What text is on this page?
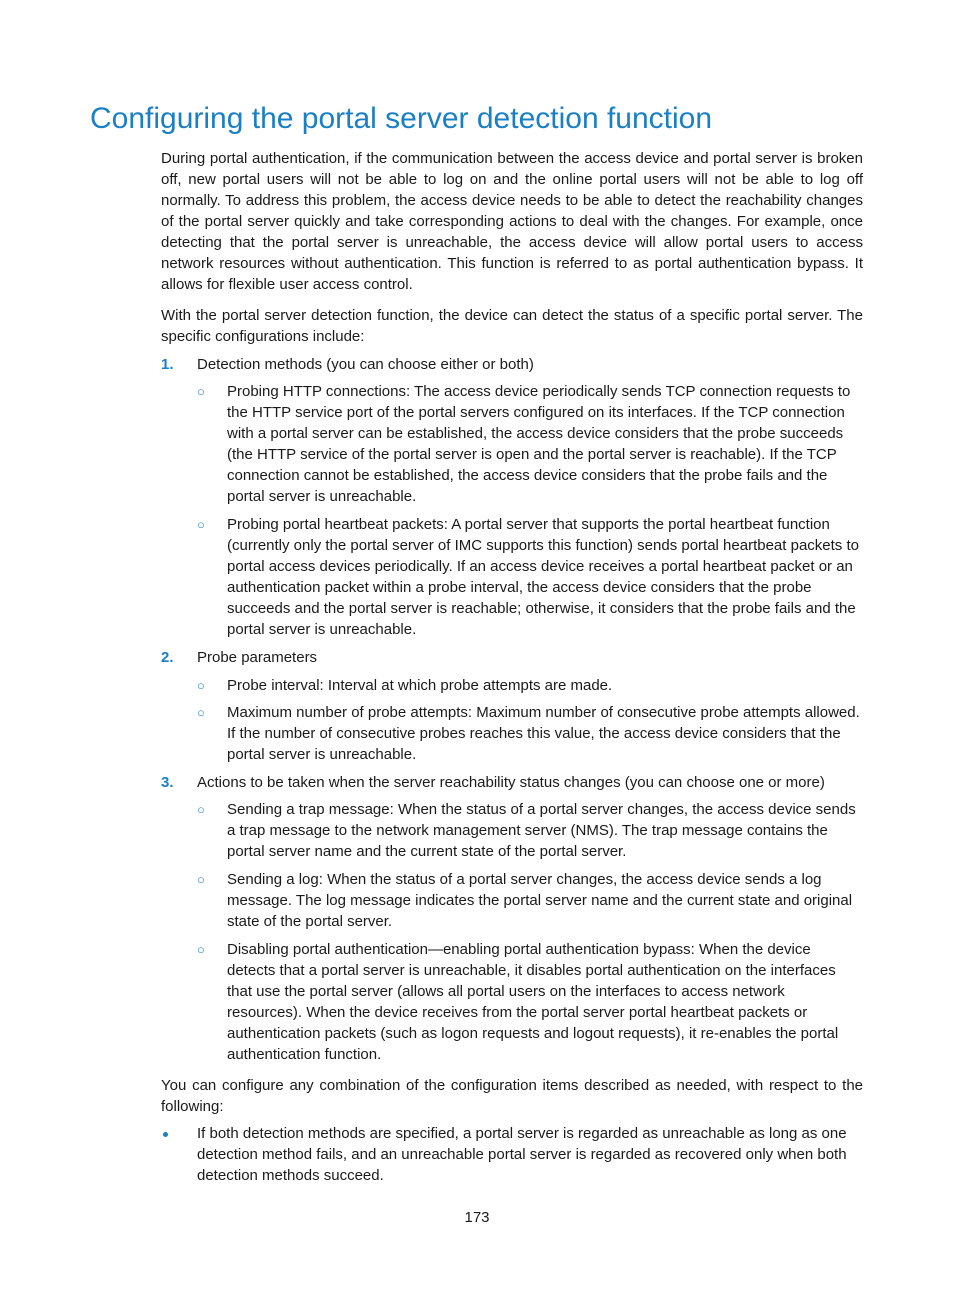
Configuring the portal server detection function

During portal authentication, if the communication between the access device and portal server is broken off, new portal users will not be able to log on and the online portal users will not be able to log off normally. To address this problem, the access device needs to be able to detect the reachability changes of the portal server quickly and take corresponding actions to deal with the changes. For example, once detecting that the portal server is unreachable, the access device will allow portal users to access network resources without authentication. This function is referred to as portal authentication bypass. It allows for flexible user access control.

With the portal server detection function, the device can detect the status of a specific portal server. The specific configurations include:

1. Detection methods (you can choose either or both)
○ Probing HTTP connections: The access device periodically sends TCP connection requests to the HTTP service port of the portal servers configured on its interfaces. If the TCP connection with a portal server can be established, the access device considers that the probe succeeds (the HTTP service of the portal server is open and the portal server is reachable). If the TCP connection cannot be established, the access device considers that the probe fails and the portal server is unreachable.
○ Probing portal heartbeat packets: A portal server that supports the portal heartbeat function (currently only the portal server of IMC supports this function) sends portal heartbeat packets to portal access devices periodically. If an access device receives a portal heartbeat packet or an authentication packet within a probe interval, the access device considers that the probe succeeds and the portal server is reachable; otherwise, it considers that the probe fails and the portal server is unreachable.
2. Probe parameters
○ Probe interval: Interval at which probe attempts are made.
○ Maximum number of probe attempts: Maximum number of consecutive probe attempts allowed. If the number of consecutive probes reaches this value, the access device considers that the portal server is unreachable.
3. Actions to be taken when the server reachability status changes (you can choose one or more)
○ Sending a trap message: When the status of a portal server changes, the access device sends a trap message to the network management server (NMS). The trap message contains the portal server name and the current state of the portal server.
○ Sending a log: When the status of a portal server changes, the access device sends a log message. The log message indicates the portal server name and the current state and original state of the portal server.
○ Disabling portal authentication—enabling portal authentication bypass: When the device detects that a portal server is unreachable, it disables portal authentication on the interfaces that use the portal server (allows all portal users on the interfaces to access network resources). When the device receives from the portal server portal heartbeat packets or authentication packets (such as logon requests and logout requests), it re-enables the portal authentication function.

You can configure any combination of the configuration items described as needed, with respect to the following:

If both detection methods are specified, a portal server is regarded as unreachable as long as one detection method fails, and an unreachable portal server is regarded as recovered only when both detection methods succeed.
173
